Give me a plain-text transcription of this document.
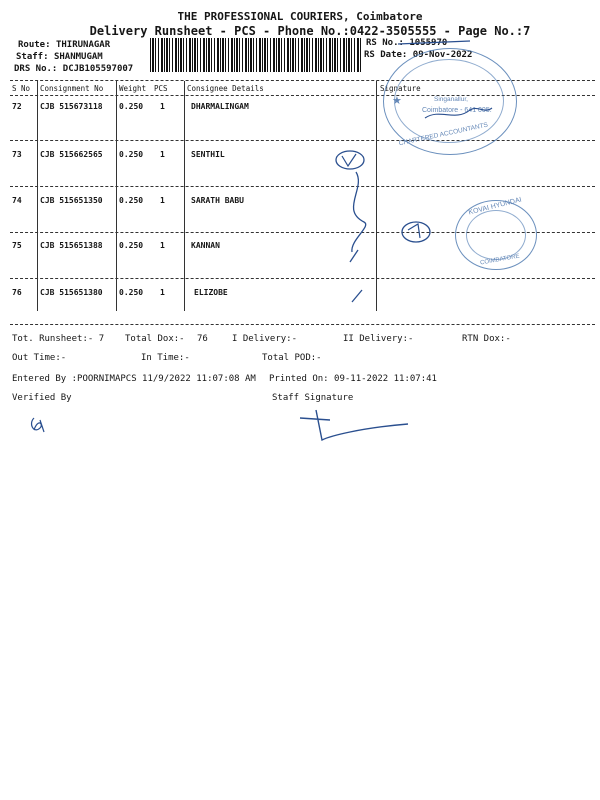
THE PROFESSIONAL COURIERS, Coimbatore
Delivery Runsheet - PCS - Phone No.:0422-3505555 - Page No.:7
Route: THIRUNAGAR
Staff: SHANMUGAM
DRS No.: DCJB105597007
RS No.: 1055970
RS Date: 09-Nov-2022
S No Consignment No Weight PCS	Consignee Details	Signature
72 CJB 515673118 0.250 1	DHARMALINGAM
73 CJB 515662565 0.250 1	SENTHIL
74 CJB 515651350 0.250 1	SARATH BABU
75 CJB 515651388 0.250 1	KANNAN
76 CJB 515651380 0.250 1	ELIZOBE
Tot. Runsheet:- 7 Total Dox:- 76	I Delivery:-	II Delivery:-	RTN Dox:-
Out Time:-	In Time:-	Total POD:-
Entered By :POORNIMAPCS 11/9/2022 11:07:08 AM Printed On: 09-11-2022 11:07:41
Verified By	Staff Signature
Singanallur,
Coimbatore - 641 005.
CHARTERED ACCOUNTANTS
★
KOVAI HYUNDAI
COIMBATORE
